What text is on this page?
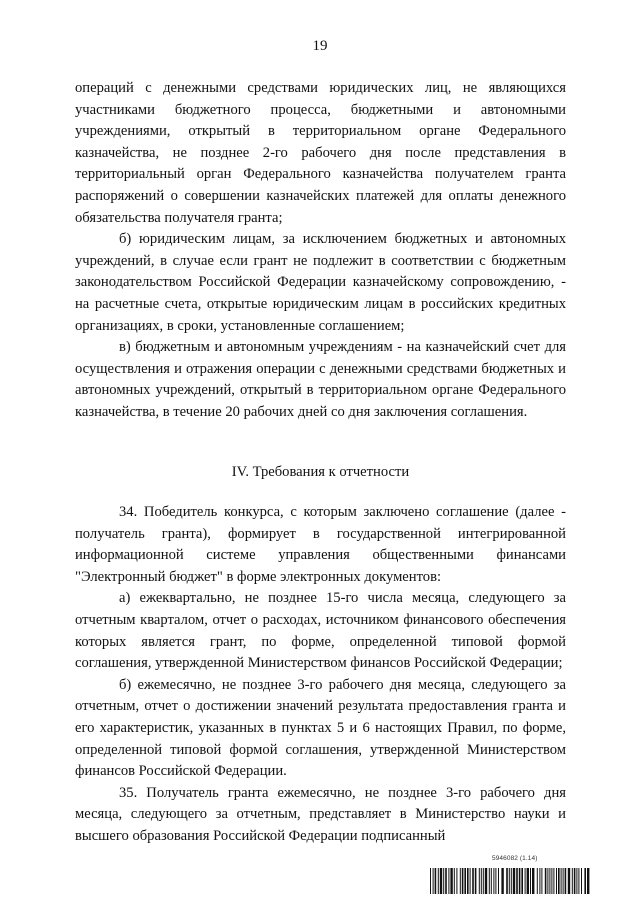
19

операций с денежными средствами юридических лиц, не являющихся участниками бюджетного процесса, бюджетными и автономными учреждениями, открытый в территориальном органе Федерального казначейства, не позднее 2-го рабочего дня после представления в территориальный орган Федерального казначейства получателем гранта распоряжений о совершении казначейских платежей для оплаты денежного обязательства получателя гранта;

б) юридическим лицам, за исключением бюджетных и автономных учреждений, в случае если грант не подлежит в соответствии с бюджетным законодательством Российской Федерации казначейскому сопровождению, - на расчетные счета, открытые юридическим лицам в российских кредитных организациях, в сроки, установленные соглашением;

в) бюджетным и автономным учреждениям - на казначейский счет для осуществления и отражения операции с денежными средствами бюджетных и автономных учреждений, открытый в территориальном органе Федерального казначейства, в течение 20 рабочих дней со дня заключения соглашения.

IV. Требования к отчетности

34. Победитель конкурса, с которым заключено соглашение (далее - получатель гранта), формирует в государственной интегрированной информационной системе управления общественными финансами "Электронный бюджет" в форме электронных документов:

а) ежеквартально, не позднее 15-го числа месяца, следующего за отчетным кварталом, отчет о расходах, источником финансового обеспечения которых является грант, по форме, определенной типовой формой соглашения, утвержденной Министерством финансов Российской Федерации;

б) ежемесячно, не позднее 3-го рабочего дня месяца, следующего за отчетным, отчет о достижении значений результата предоставления гранта и его характеристик, указанных в пунктах 5 и 6 настоящих Правил, по форме, определенной типовой формой соглашения, утвержденной Министерством финансов Российской Федерации.

35. Получатель гранта ежемесячно, не позднее 3-го рабочего дня месяца, следующего за отчетным, представляет в Министерство науки и высшего образования Российской Федерации подписанный

5946082 (1.14)
